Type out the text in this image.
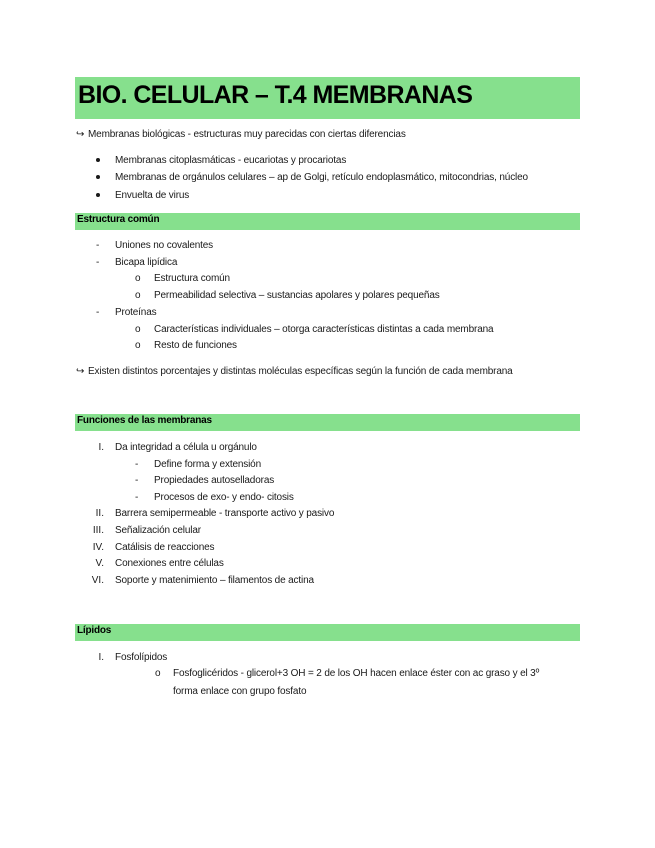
BIO. CELULAR – T.4 MEMBRANAS
↪ Membranas biológicas - estructuras muy parecidas con ciertas diferencias
Membranas citoplasmáticas - eucariotas y procariotas
Membranas de orgánulos celulares – ap de Golgi, retículo endoplasmático, mitocondrias, núcleo
Envuelta de virus
Estructura común
- Uniones no covalentes
- Bicapa lipídica
o Estructura común
o Permeabilidad selectiva – sustancias apolares y polares pequeñas
- Proteínas
o Características individuales – otorga características distintas a cada membrana
o Resto de funciones
↪ Existen distintos porcentajes y distintas moléculas específicas según la función de cada membrana
Funciones de las membranas
I. Da integridad a célula u orgánulo
- Define forma y extensión
- Propiedades autoselladoras
- Procesos de exo- y endo- citosis
II. Barrera semipermeable - transporte activo y pasivo
III. Señalización celular
IV. Catálisis de reacciones
V. Conexiones entre células
VI. Soporte y matenimiento – filamentos de actina
Lípidos
I. Fosfolípidos
o Fosfoglicéridos - glicerol+3 OH = 2 de los OH hacen enlace éster con ac graso y el 3º
forma enlace con grupo fosfato
